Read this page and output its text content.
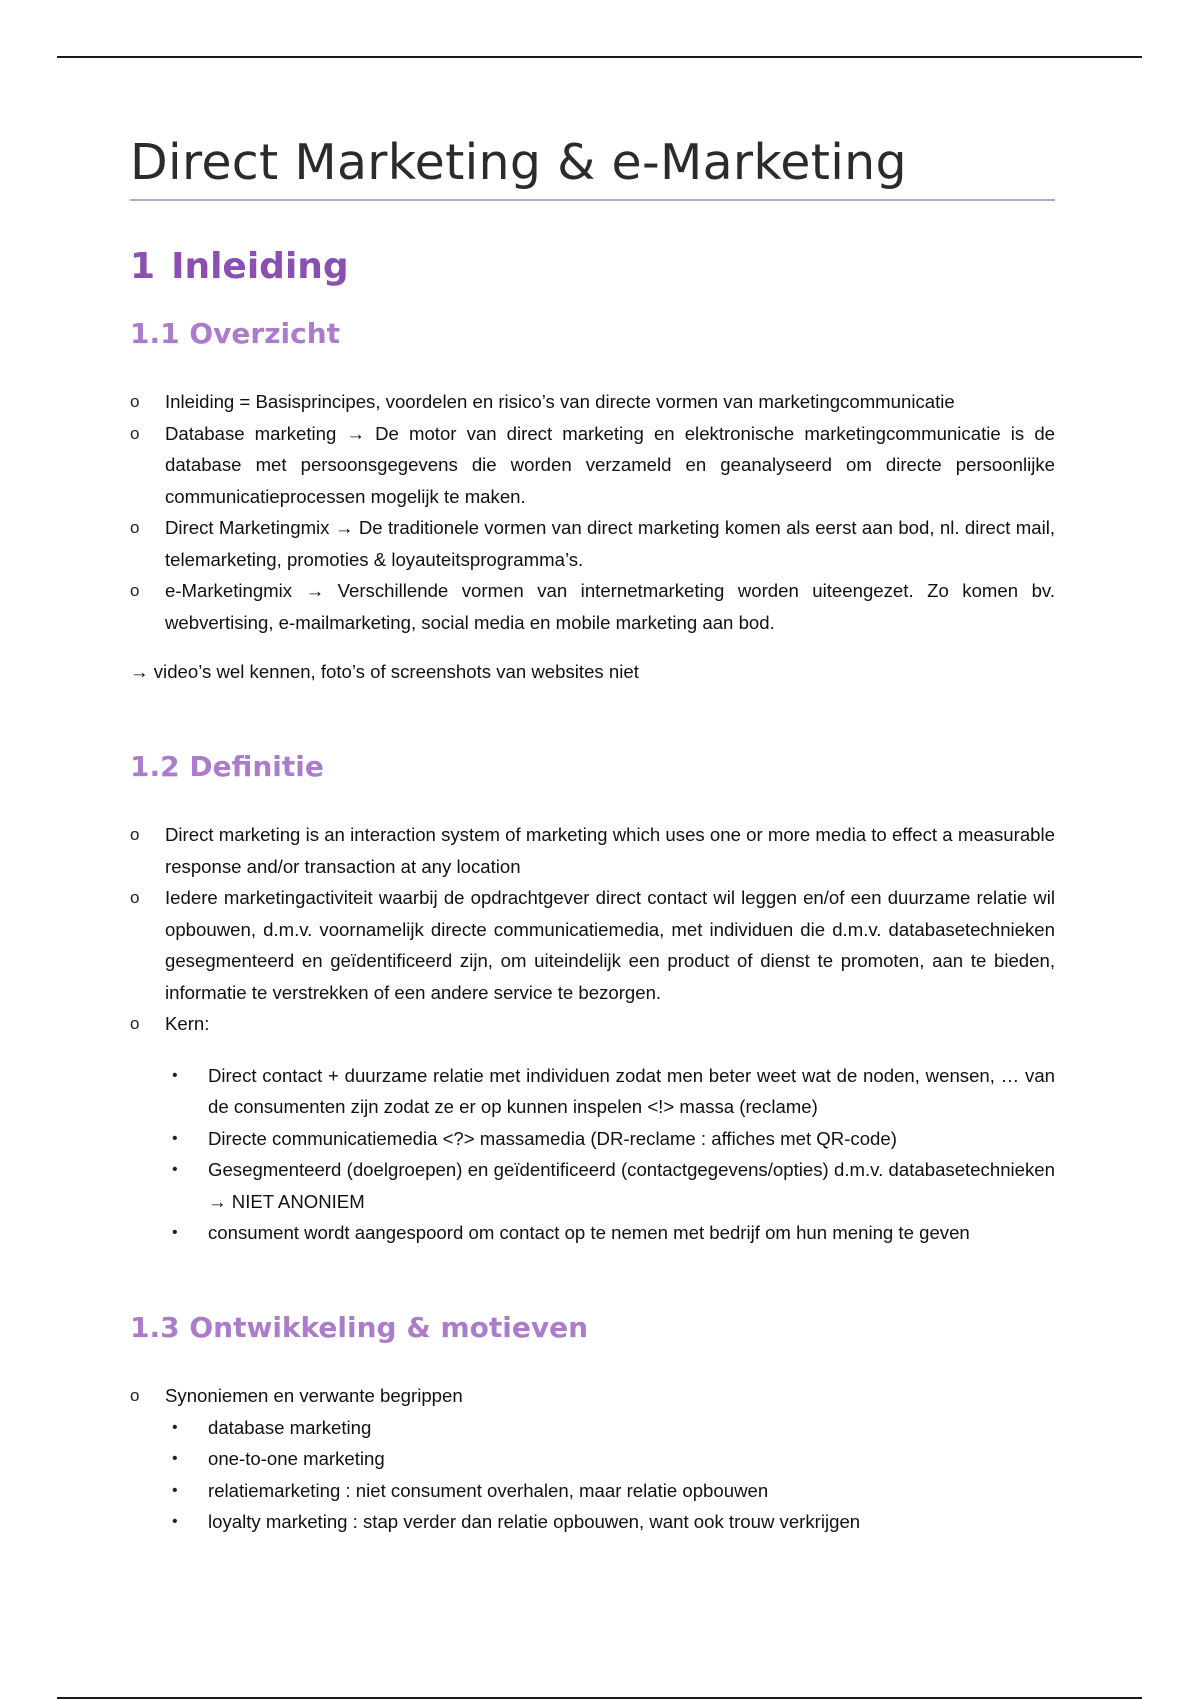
Direct Marketing & e-Marketing
1 Inleiding
1.1 Overzicht
o Inleiding = Basisprincipes, voordelen en risico’s van directe vormen van marketingcommunicatie
o Database marketing → De motor van direct marketing en elektronische marketingcommunicatie is de database met persoonsgegevens die worden verzameld en geanalyseerd om directe persoonlijke communicatieprocessen mogelijk te maken.
o Direct Marketingmix → De traditionele vormen van direct marketing komen als eerst aan bod, nl. direct mail, telemarketing, promoties & loyauteitsprogramma’s.
o e-Marketingmix → Verschillende vormen van internetmarketing worden uiteengezet. Zo komen bv. webvertising, e-mailmarketing, social media en mobile marketing aan bod.
→ video’s wel kennen, foto’s of screenshots van websites niet
1.2 Definitie
o Direct marketing is an interaction system of marketing which uses one or more media to effect a measurable response and/or transaction at any location
o Iedere marketingactiviteit waarbij de opdrachtgever direct contact wil leggen en/of een duurzame relatie wil opbouwen, d.m.v. voornamelijk directe communicatiemedia, met individuen die d.m.v. databasetechnieken gesegmenteerd en geïdentificeerd zijn, om uiteindelijk een product of dienst te promoten, aan te bieden, informatie te verstrekken of een andere service te bezorgen.
o Kern:
• Direct contact + duurzame relatie met individuen zodat men beter weet wat de noden, wensen, … van de consumenten zijn zodat ze er op kunnen inspelen <!> massa (reclame)
• Directe communicatiemedia <?> massamedia (DR-reclame : affiches met QR-code)
• Gesegmenteerd (doelgroepen) en geïdentificeerd (contactgegevens/opties) d.m.v. databasetechnieken → NIET ANONIEM
• consument wordt aangespoord om contact op te nemen met bedrijf om hun mening te geven
1.3 Ontwikkeling & motieven
o Synoniemen en verwante begrippen
• database marketing
• one-to-one marketing
• relatiemarketing : niet consument overhalen, maar relatie opbouwen
• loyalty marketing : stap verder dan relatie opbouwen, want ook trouw verkrijgen
